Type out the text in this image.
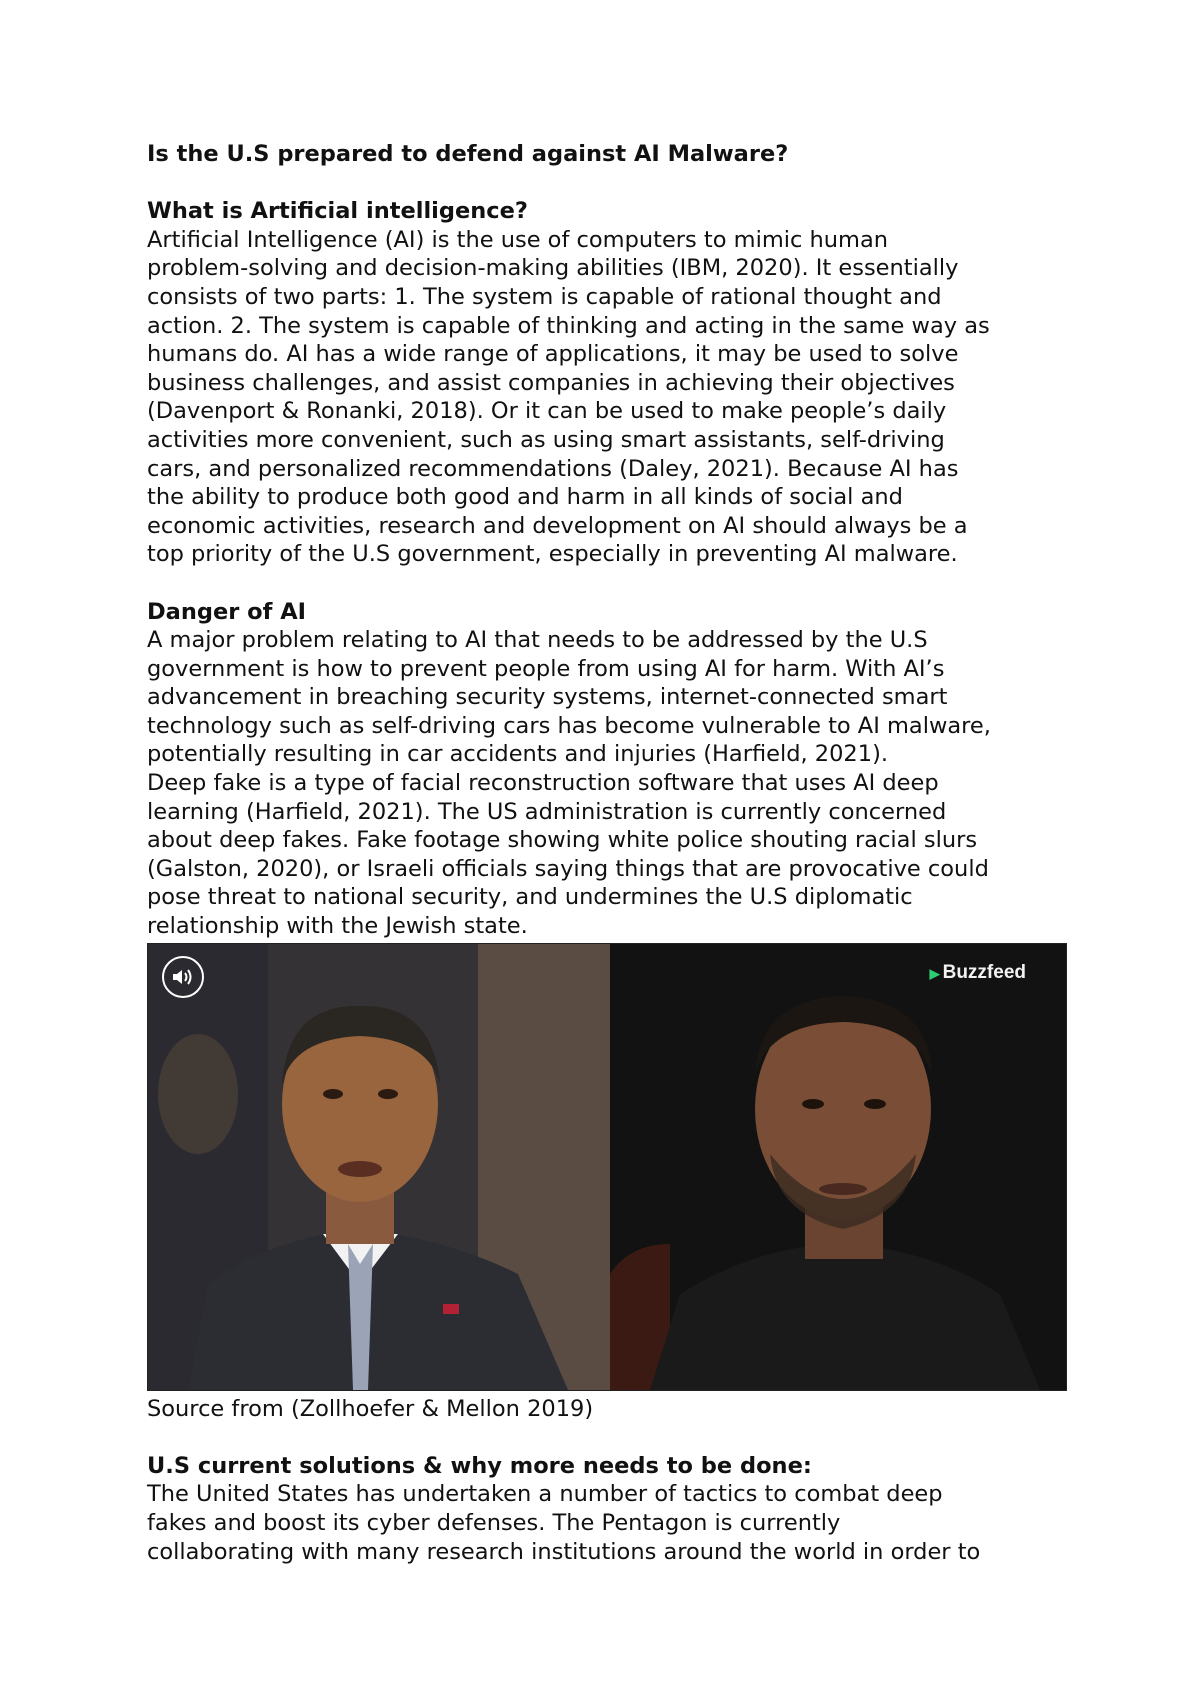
Is the U.S prepared to defend against AI Malware?

What is Artificial intelligence?

Artificial Intelligence (AI) is the use of computers to mimic human
problem-solving and decision-making abilities (IBM, 2020). It essentially
consists of two parts: 1. The system is capable of rational thought and
action. 2. The system is capable of thinking and acting in the same way as
humans do. AI has a wide range of applications, it may be used to solve
business challenges, and assist companies in achieving their objectives
(Davenport & Ronanki, 2018). Or it can be used to make people’s daily
activities more convenient, such as using smart assistants, self-driving
cars, and personalized recommendations (Daley, 2021). Because AI has
the ability to produce both good and harm in all kinds of social and
economic activities, research and development on AI should always be a
top priority of the U.S government, especially in preventing AI malware.

Danger of AI

A major problem relating to AI that needs to be addressed by the U.S
government is how to prevent people from using AI for harm. With AI’s
advancement in breaching security systems, internet-connected smart
technology such as self-driving cars has become vulnerable to AI malware,
potentially resulting in car accidents and injuries (Harfield, 2021).

Deep fake is a type of facial reconstruction software that uses AI deep
learning (Harfield, 2021). The US administration is currently concerned
about deep fakes. Fake footage showing white police shouting racial slurs
(Galston, 2020), or Israeli officials saying things that are provocative could
pose threat to national security, and undermines the U.S diplomatic
relationship with the Jewish state.

▶ Buzzfeed

Source from (Zollhoefer & Mellon 2019)

U.S current solutions & why more needs to be done:

The United States has undertaken a number of tactics to combat deep
fakes and boost its cyber defenses. The Pentagon is currently
collaborating with many research institutions around the world in order to
